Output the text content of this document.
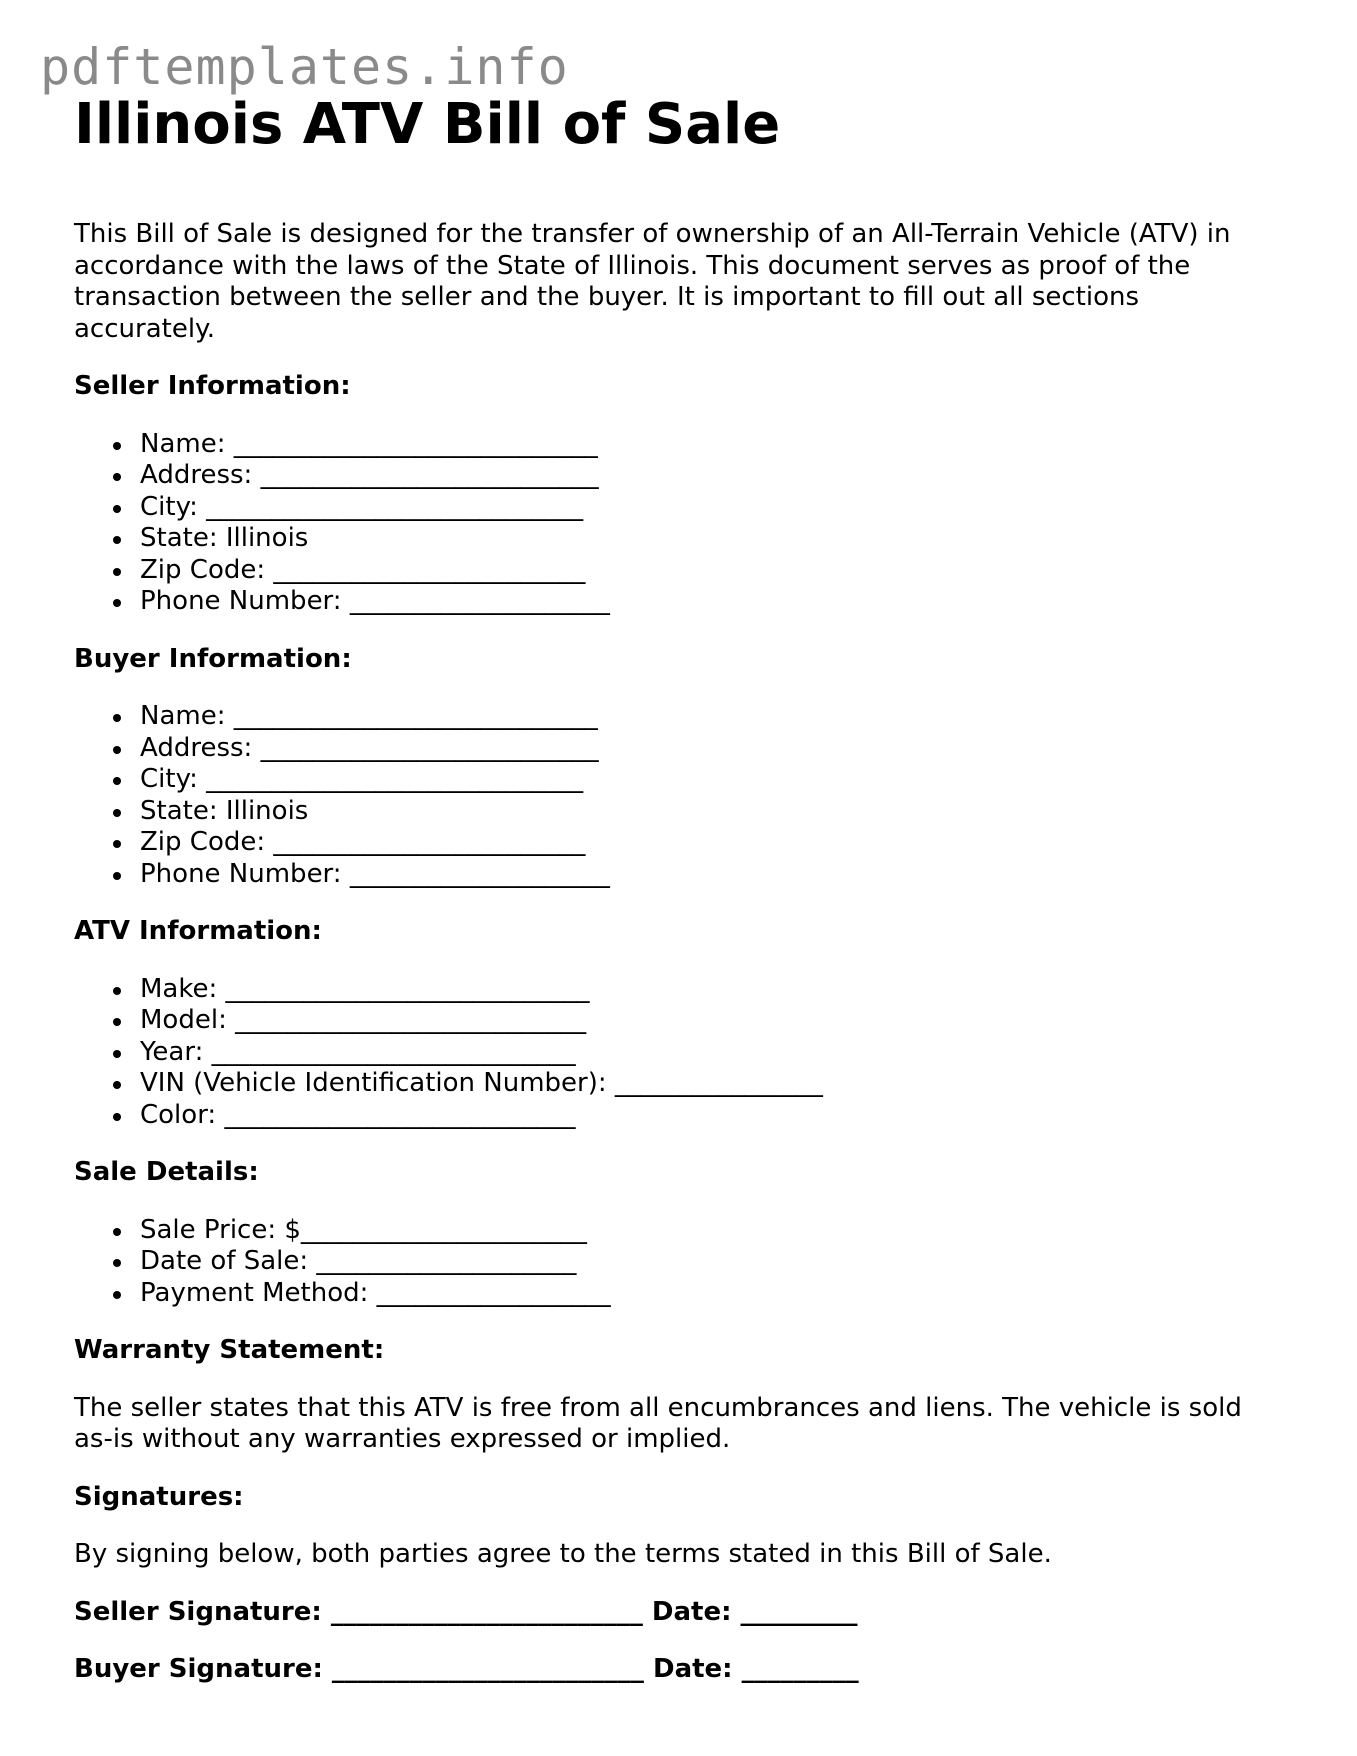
pdftemplates.info
Illinois ATV Bill of Sale

This Bill of Sale is designed for the transfer of ownership of an All-Terrain Vehicle (ATV) in accordance with the laws of the State of Illinois. This document serves as proof of the transaction between the seller and the buyer. It is important to fill out all sections accurately.

Seller Information:
Name: ____________________________
Address: __________________________
City: _____________________________
State: Illinois
Zip Code: ________________________
Phone Number: ____________________
Buyer Information:
Name: ____________________________
Address: __________________________
City: _____________________________
State: Illinois
Zip Code: ________________________
Phone Number: ____________________
ATV Information:
Make: ____________________________
Model: ___________________________
Year: ____________________________
VIN (Vehicle Identification Number): ________________
Color: ___________________________
Sale Details:
Sale Price: $______________________
Date of Sale: ____________________
Payment Method: __________________
Warranty Statement:

The seller states that this ATV is free from all encumbrances and liens. The vehicle is sold as-is without any warranties expressed or implied.

Signatures:

By signing below, both parties agree to the terms stated in this Bill of Sale.

Seller Signature: ________________________ Date: _________
Buyer Signature: ________________________ Date: _________
